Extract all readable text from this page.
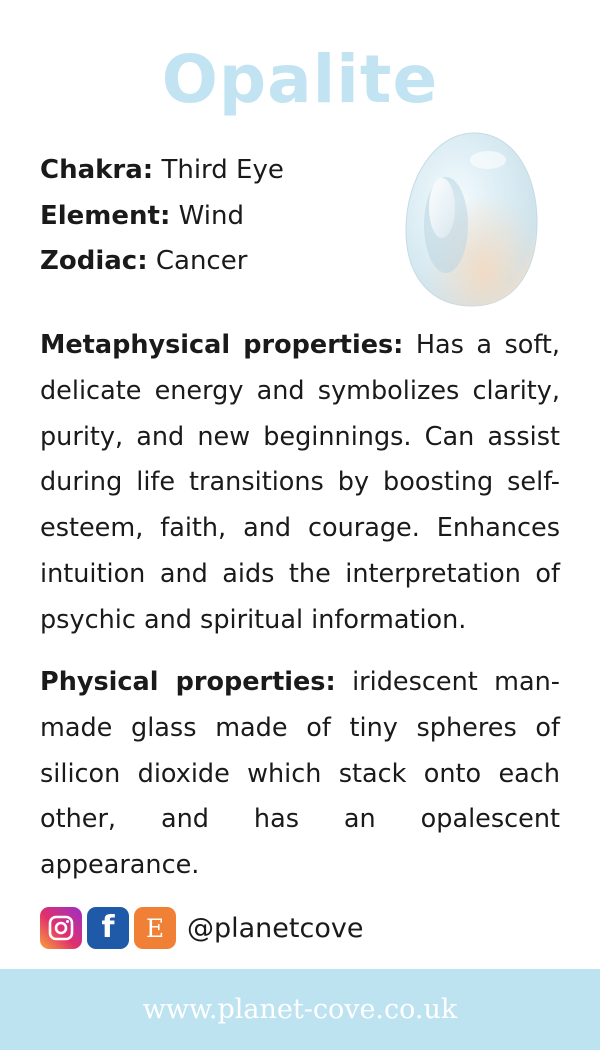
Opalite
Chakra: Third Eye
Element: Wind
Zodiac: Cancer
Metaphysical properties: Has a soft, delicate energy and symbolizes clarity, purity, and new beginnings. Can assist during life transitions by boosting self-esteem, faith, and courage. Enhances intuition and aids the interpretation of psychic and spiritual information.
Physical properties: iridescent man-made glass made of tiny spheres of silicon dioxide which stack onto each other, and has an opalescent appearance.
f E @planetcove
www.planet-cove.co.uk
